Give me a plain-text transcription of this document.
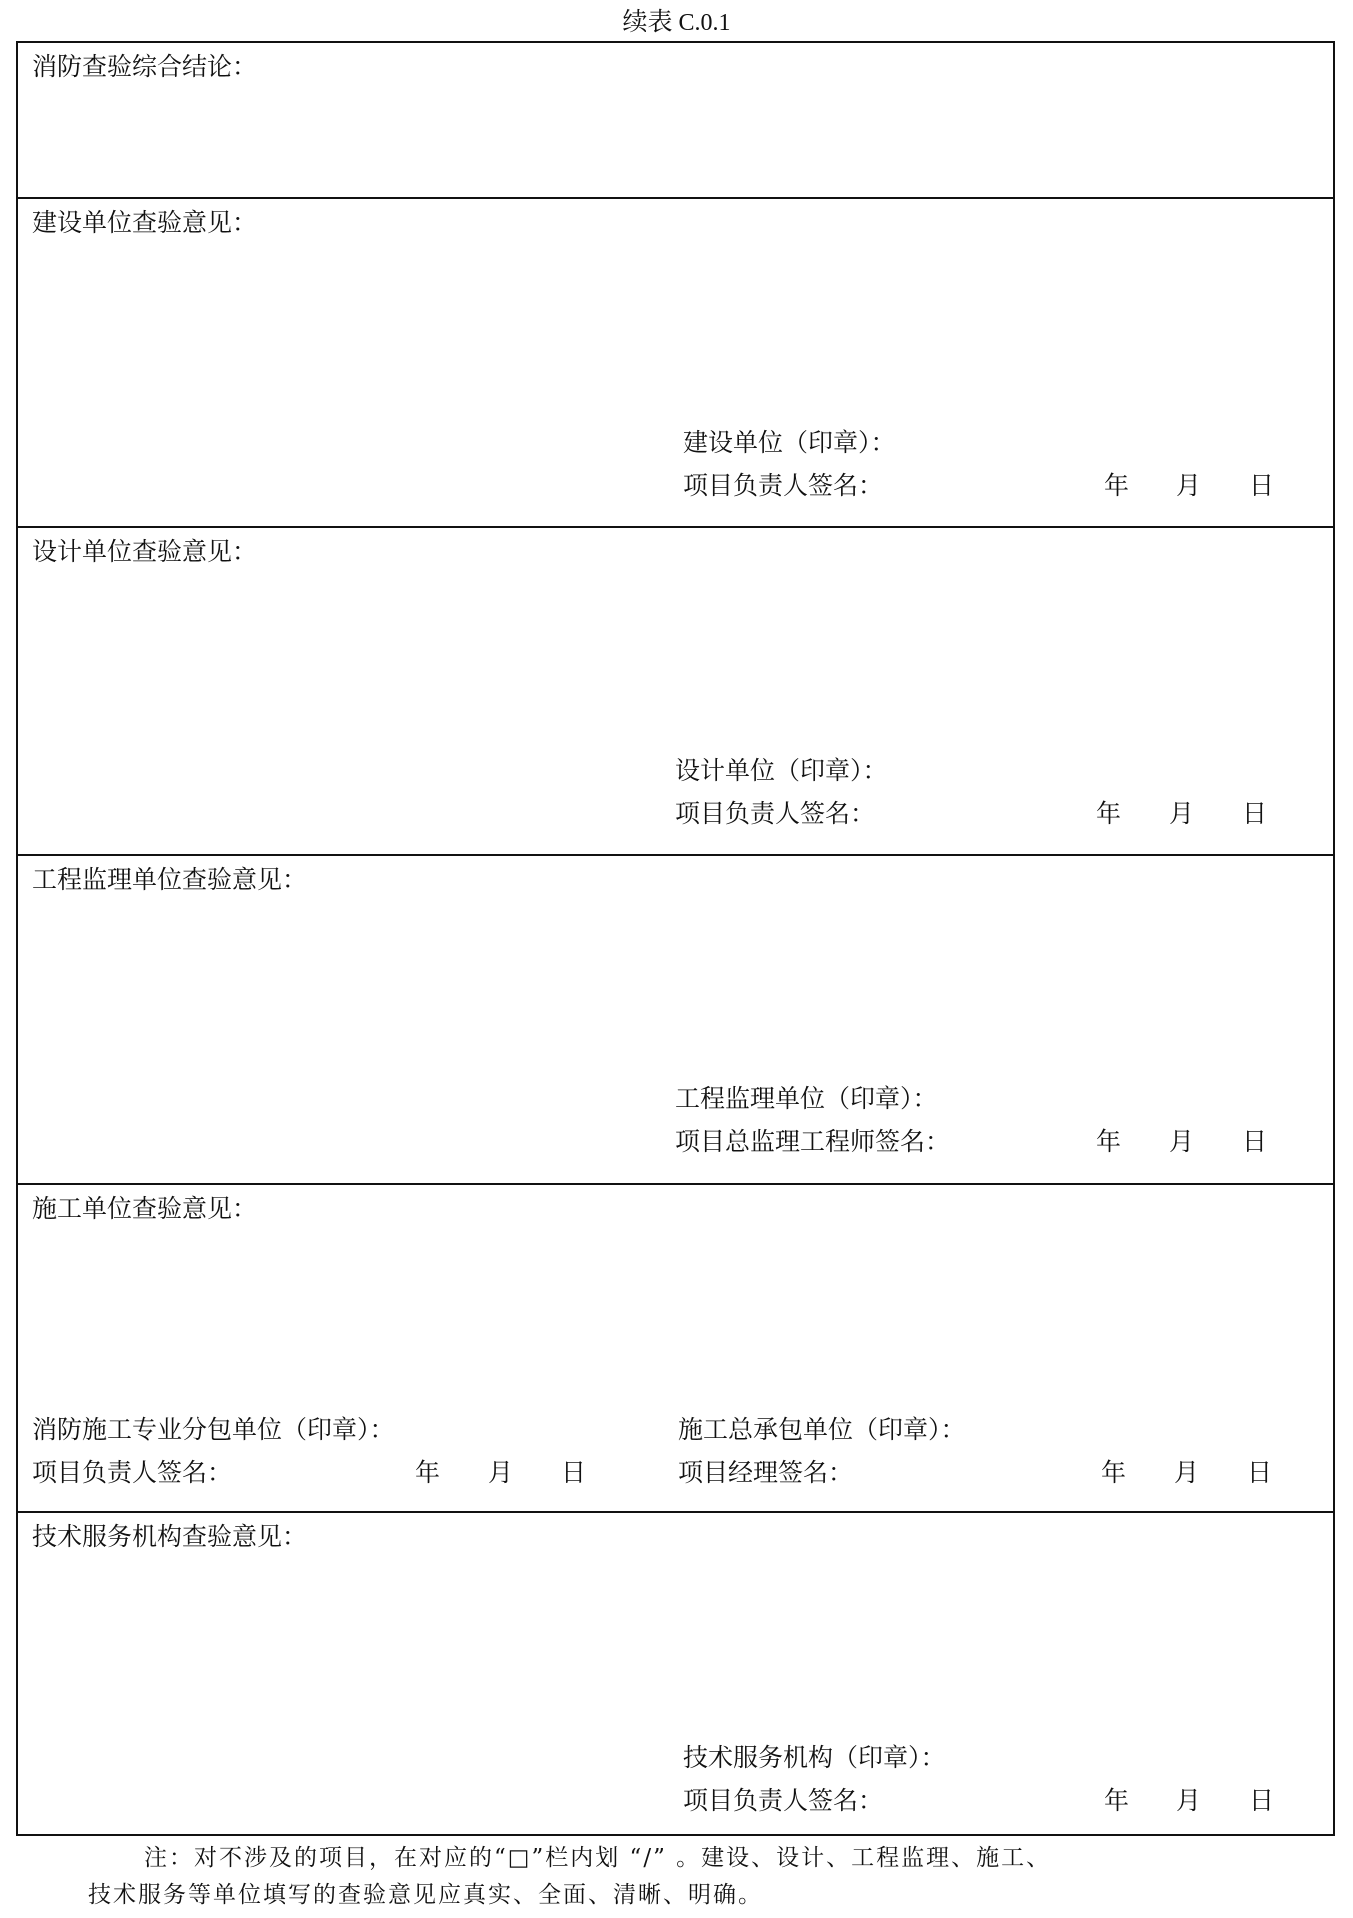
续表 C.0.1
消防查验综合结论：
建设单位查验意见：
建设单位（印章）：
项目负责人签名：	年 月 日
设计单位查验意见：
设计单位（印章）：
项目负责人签名：	年 月 日
工程监理单位查验意见：
工程监理单位（印章）：
项目总监理工程师签名：	年 月 日
施工单位查验意见：
消防施工专业分包单位（印章）：
项目负责人签名：	年 月 日
施工总承包单位（印章）：
项目经理签名：	年 月 日
技术服务机构查验意见：
技术服务机构（印章）：
项目负责人签名：	年 月 日
注：对不涉及的项目，在对应的“□”栏内划 “/” 。建设、设计、工程监理、施工、
技术服务等单位填写的查验意见应真实、全面、清晰、明确。
